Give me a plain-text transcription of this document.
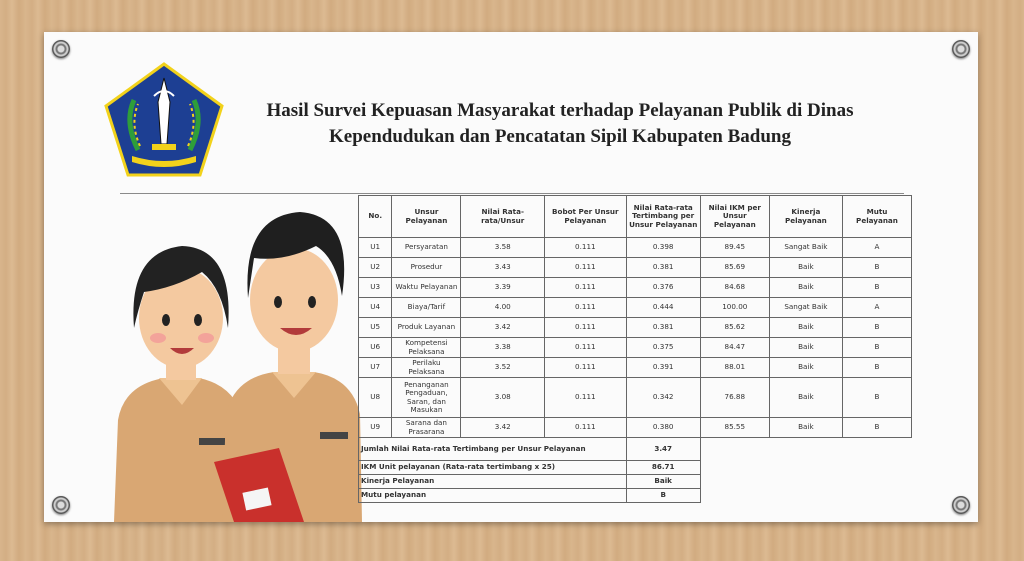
Hasil Survei Kepuasan Masyarakat terhadap Pelayanan Publik di Dinas
Kependudukan dan Pencatatan Sipil Kabupaten Badung
No.	Unsur Pelayanan	Nilai Rata-rata/Unsur	Bobot Per Unsur Pelayanan	Nilai Rata-rata Tertimbang per Unsur Pelayanan	Nilai IKM per Unsur Pelayanan	Kinerja Pelayanan	Mutu Pelayanan
U1	Persyaratan	3.58	0.111	0.398	89.45	Sangat Baik	A
U2	Prosedur	3.43	0.111	0.381	85.69	Baik	B
U3	Waktu Pelayanan	3.39	0.111	0.376	84.68	Baik	B
U4	Biaya/Tarif	4.00	0.111	0.444	100.00	Sangat Baik	A
U5	Produk Layanan	3.42	0.111	0.381	85.62	Baik	B
U6	Kompetensi Pelaksana	3.38	0.111	0.375	84.47	Baik	B
U7	Perilaku Pelaksana	3.52	0.111	0.391	88.01	Baik	B
U8	Penanganan Pengaduan, Saran, dan Masukan	3.08	0.111	0.342	76.88	Baik	B
U9	Sarana dan Prasarana	3.42	0.111	0.380	85.55	Baik	B
Jumlah Nilai Rata-rata Tertimbang per Unsur Pelayanan				3.47			
IKM Unit pelayanan (Rata-rata tertimbang x 25)				86.71			
Kinerja Pelayanan				Baik			
Mutu pelayanan				B			
